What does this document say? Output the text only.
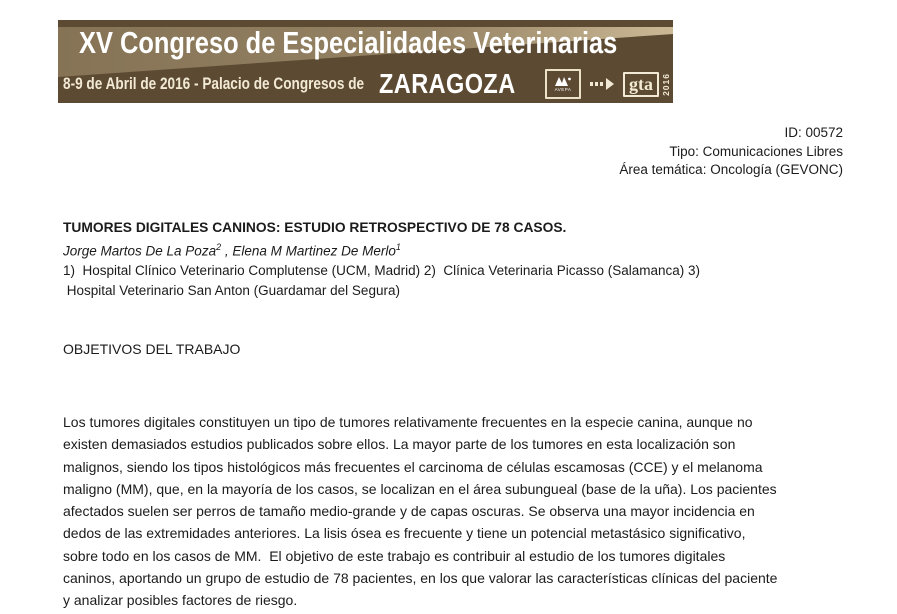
XV Congreso de Especialidades Veterinarias
8-9 de Abril de 2016 - Palacio de Congresos de ZARAGOZA	AVEPA	gta 2016
ID: 00572
Tipo: Comunicaciones Libres
Área temática: Oncología (GEVONC)
TUMORES DIGITALES CANINOS: ESTUDIO RETROSPECTIVO DE 78 CASOS.
Jorge Martos De La Poza$^2$ , Elena M Martinez De Merlo$^1$
1)  Hospital Clínico Veterinario Complutense (UCM, Madrid) 2)  Clínica Veterinaria Picasso (Salamanca) 3)
Hospital Veterinario San Anton (Guardamar del Segura)
OBJETIVOS DEL TRABAJO
Los tumores digitales constituyen un tipo de tumores relativamente frecuentes en la especie canina, aunque no
existen demasiados estudios publicados sobre ellos. La mayor parte de los tumores en esta localización son
malignos, siendo los tipos histológicos más frecuentes el carcinoma de células escamosas (CCE) y el melanoma
maligno (MM), que, en la mayoría de los casos, se localizan en el área subungueal (base de la uña). Los pacientes
afectados suelen ser perros de tamaño medio-grande y de capas oscuras. Se observa una mayor incidencia en
dedos de las extremidades anteriores. La lisis ósea es frecuente y tiene un potencial metastásico significativo,
sobre todo en los casos de MM.  El objetivo de este trabajo es contribuir al estudio de los tumores digitales
caninos, aportando un grupo de estudio de 78 pacientes, en los que valorar las características clínicas del paciente
y analizar posibles factores de riesgo.
